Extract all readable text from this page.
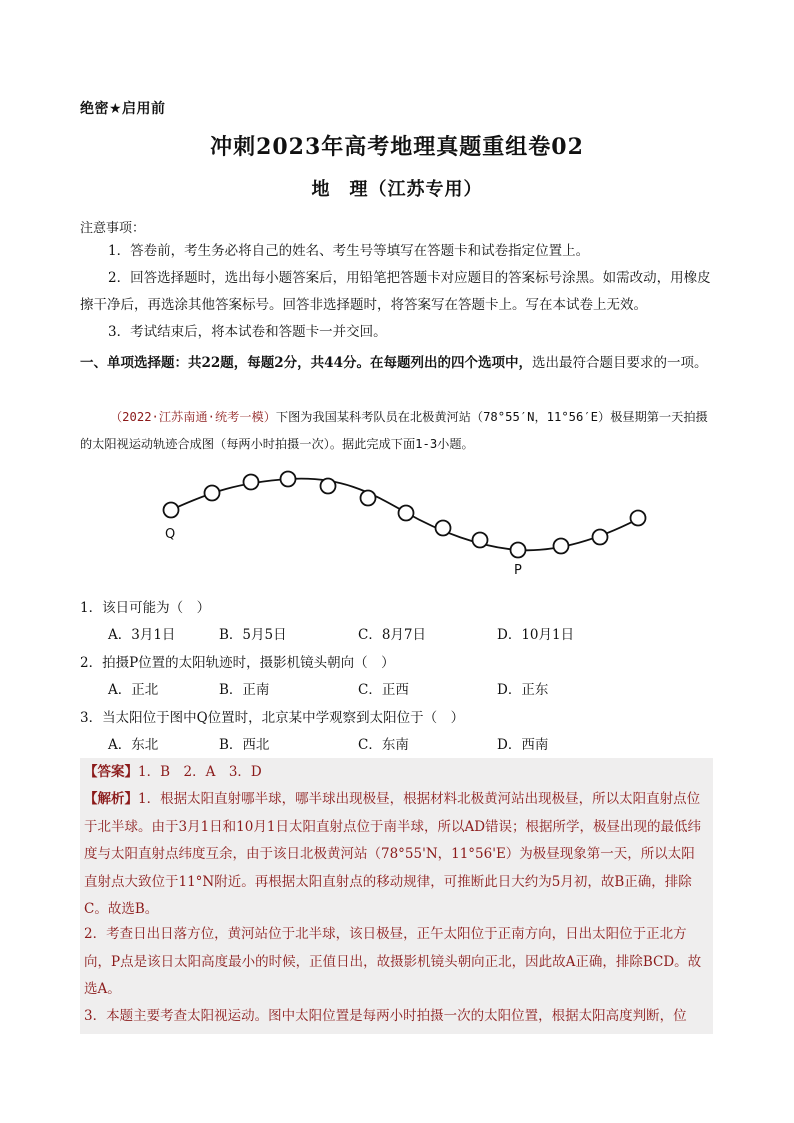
绝密★启用前
冲刺2023年高考地理真题重组卷02
地　理（江苏专用）
注意事项：
1．答卷前，考生务必将自己的姓名、考生号等填写在答题卡和试卷指定位置上。
2．回答选择题时，选出每小题答案后，用铅笔把答题卡对应题目的答案标号涂黑。如需改动，用橡皮擦干净后，再选涂其他答案标号。回答非选择题时，将答案写在答题卡上。写在本试卷上无效。
3．考试结束后，将本试卷和答题卡一并交回。
一、单项选择题：共22题，每题2分，共44分。在每题列出的四个选项中，选出最符合题目要求的一项。
（2022·江苏南通·统考一模）下图为我国某科考队员在北极黄河站（78°55′N，11°56′E）极昼期第一天拍摄的太阳视运动轨迹合成图（每两小时拍摄一次）。据此完成下面1-3小题。
Q
P
1．该日可能为（　）
A．3月1日	B．5月5日	C．8月7日	D．10月1日
2．拍摄P位置的太阳轨迹时，摄影机镜头朝向（　）
A．正北	B．正南	C．正西	D．正东
3．当太阳位于图中Q位置时，北京某中学观察到太阳位于（　）
A．东北	B．西北	C．东南	D．西南
【答案】1．B　2．A　3．D
【解析】1．根据太阳直射哪半球，哪半球出现极昼，根据材料北极黄河站出现极昼，所以太阳直射点位于北半球。由于3月1日和10月1日太阳直射点位于南半球，所以AD错误；根据所学，极昼出现的最低纬度与太阳直射点纬度互余，由于该日北极黄河站（78°55'N，11°56'E）为极昼现象第一天，所以太阳直射点大致位于11°N附近。再根据太阳直射点的移动规律，可推断此日大约为5月初，故B正确，排除C。故选B。
2．考查日出日落方位，黄河站位于北半球，该日极昼，正午太阳位于正南方向，日出太阳位于正北方向，P点是该日太阳高度最小的时候，正值日出，故摄影机镜头朝向正北，因此故A正确，排除BCD。故选A。
3．本题主要考查太阳视运动。图中太阳位置是每两小时拍摄一次的太阳位置，根据太阳高度判断，位
